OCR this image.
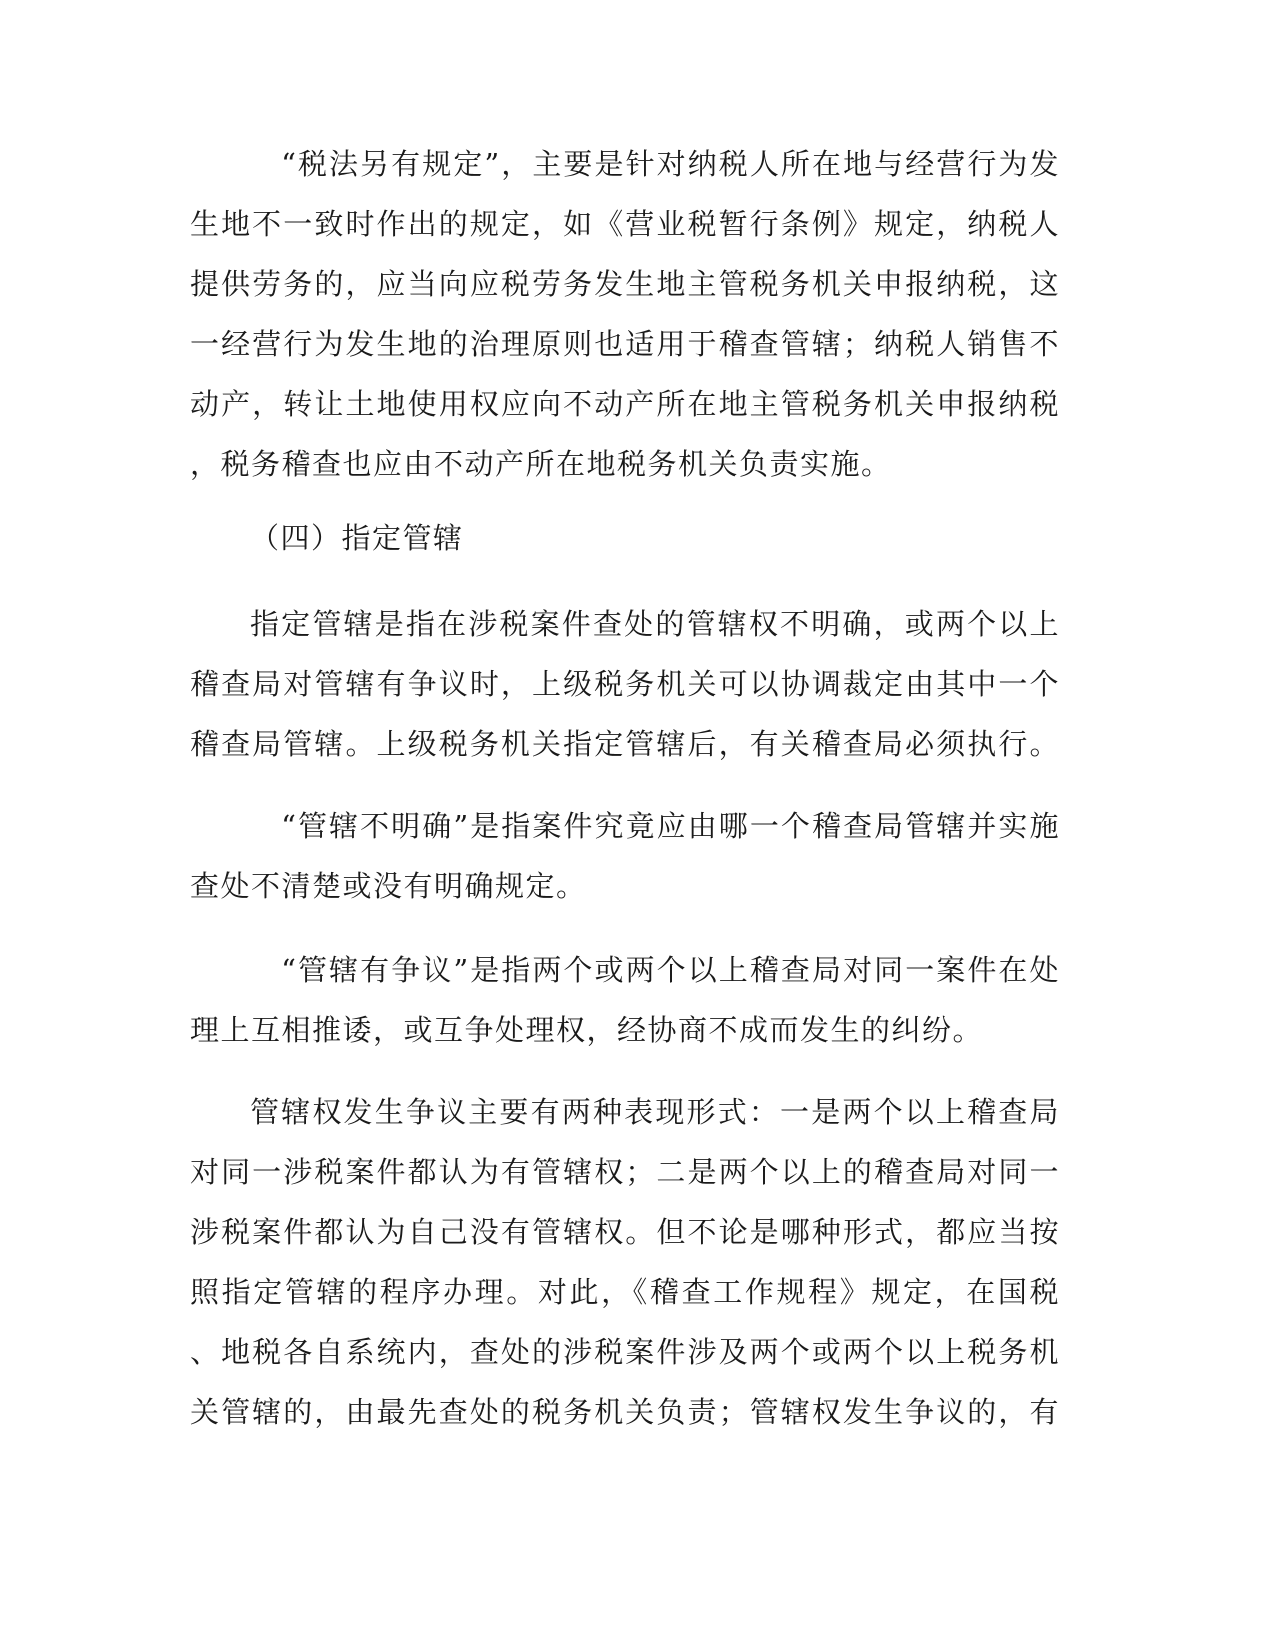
　“税法另有规定”，主要是针对纳税人所在地与经营行为发
生地不一致时作出的规定，如《营业税暂行条例》规定，纳税人
提供劳务的，应当向应税劳务发生地主管税务机关申报纳税，这
一经营行为发生地的治理原则也适用于稽查管辖；纳税人销售不
动产，转让土地使用权应向不动产所在地主管税务机关申报纳税
，税务稽查也应由不动产所在地税务机关负责实施。
（四）指定管辖
指定管辖是指在涉税案件查处的管辖权不明确，或两个以上
稽查局对管辖有争议时，上级税务机关可以协调裁定由其中一个
稽查局管辖。上级税务机关指定管辖后，有关稽查局必须执行。
　“管辖不明确”是指案件究竟应由哪一个稽查局管辖并实施
查处不清楚或没有明确规定。
　“管辖有争议”是指两个或两个以上稽查局对同一案件在处
理上互相推诿，或互争处理权，经协商不成而发生的纠纷。
管辖权发生争议主要有两种表现形式：一是两个以上稽查局
对同一涉税案件都认为有管辖权；二是两个以上的稽查局对同一
涉税案件都认为自己没有管辖权。但不论是哪种形式，都应当按
照指定管辖的程序办理。对此，《稽查工作规程》规定，在国税
、地税各自系统内，查处的涉税案件涉及两个或两个以上税务机
关管辖的，由最先查处的税务机关负责；管辖权发生争议的，有
